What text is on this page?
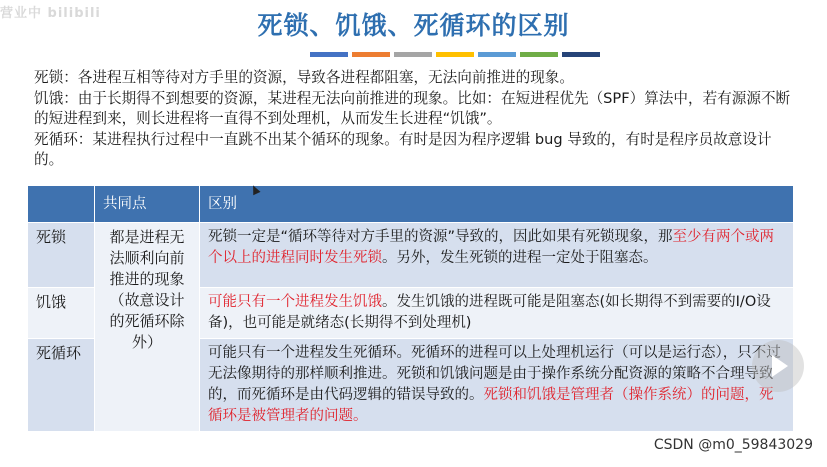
营业中 bilibili	死锁、饥饿、死循环的区别

死锁：各进程互相等待对方手里的资源，导致各进程都阻塞，无法向前推进的现象。

饥饿：由于长期得不到想要的资源，某进程无法向前推进的现象。比如：在短进程优先（SPF）算法中，若有源源不断的短进程到来，则长进程将一直得不到处理机，从而发生长进程“饥饿”。

死循环：某进程执行过程中一直跳不出某个循环的现象。有时是因为程序逻辑 bug 导致的，有时是程序员故意设计的。

	共同点	区别
死锁	都是进程无法顺利向前推进的现象（故意设计的死循环除外）	死锁一定是“循环等待对方手里的资源”导致的，因此如果有死锁现象，那至少有两个或两个以上的进程同时发生死锁。另外，发生死锁的进程一定处于阻塞态。
饥饿		可能只有一个进程发生饥饿。发生饥饿的进程既可能是阻塞态(如长期得不到需要的I/O设备)，也可能是就绪态(长期得不到处理机)
死循环		可能只有一个进程发生死循环。死循环的进程可以上处理机运行（可以是运行态），只不过无法像期待的那样顺利推进。死锁和饥饿问题是由于操作系统分配资源的策略不合理导致的，而死循环是由代码逻辑的错误导致的。死锁和饥饿是管理者（操作系统）的问题，死循环是被管理者的问题。
CSDN @m0_59843029
